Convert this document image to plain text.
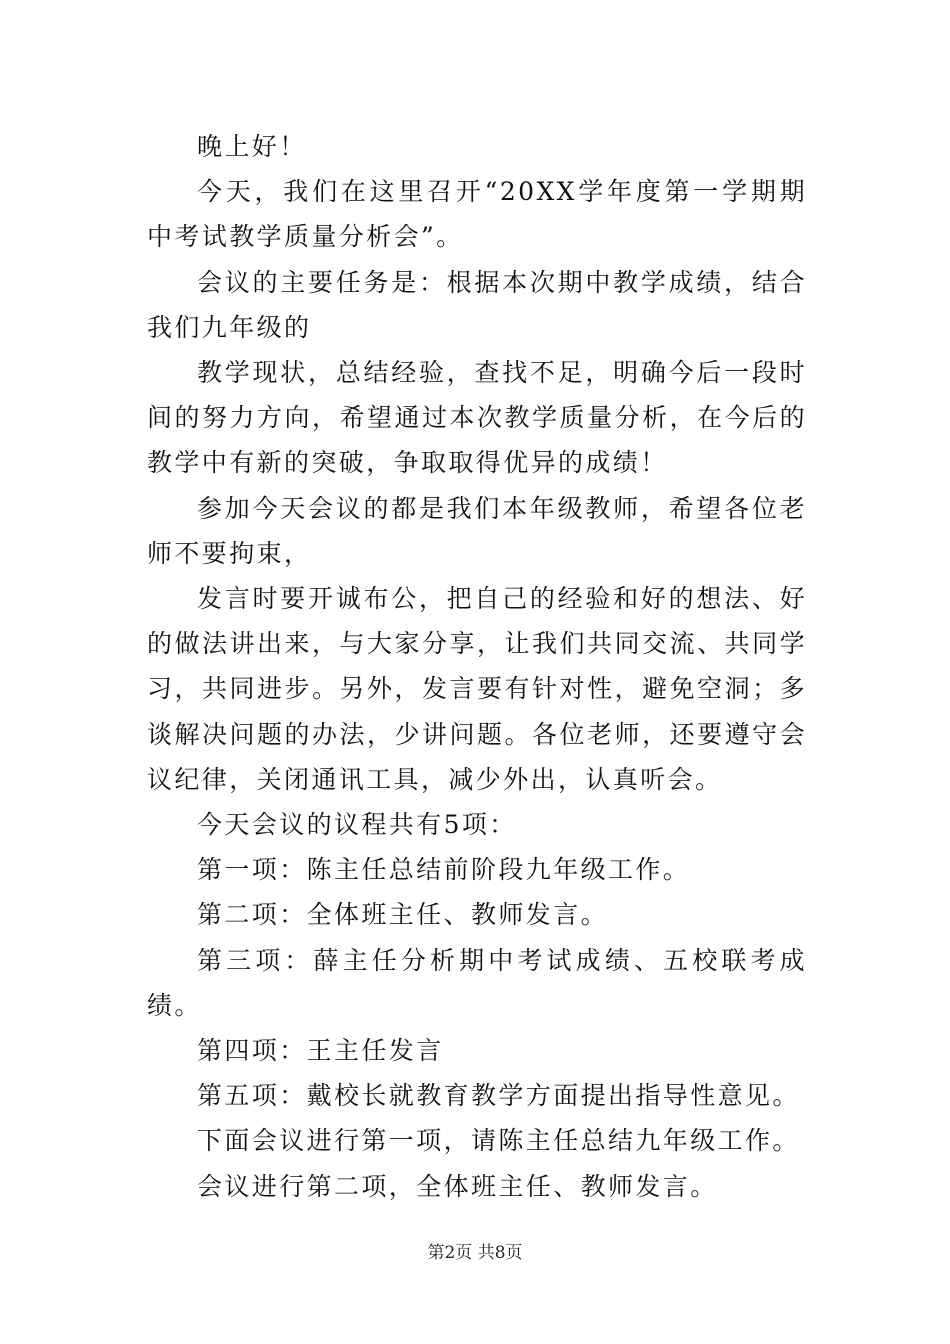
晚上好！

今天，我们在这里召开“20XX学年度第一学期期中考试教学质量分析会”。

会议的主要任务是：根据本次期中教学成绩，结合我们九年级的

教学现状，总结经验，查找不足，明确今后一段时间的努力方向，希望通过本次教学质量分析，在今后的教学中有新的突破，争取取得优异的成绩！

参加今天会议的都是我们本年级教师，希望各位老师不要拘束，

发言时要开诚布公，把自己的经验和好的想法、好的做法讲出来，与大家分享，让我们共同交流、共同学习，共同进步。另外，发言要有针对性，避免空洞；多谈解决问题的办法，少讲问题。各位老师，还要遵守会议纪律，关闭通讯工具，减少外出，认真听会。

今天会议的议程共有5项：

第一项：陈主任总结前阶段九年级工作。

第二项：全体班主任、教师发言。

第三项：薛主任分析期中考试成绩、五校联考成绩。

第四项：王主任发言

第五项：戴校长就教育教学方面提出指导性意见。

下面会议进行第一项，请陈主任总结九年级工作。

会议进行第二项，全体班主任、教师发言。

第2页 共8页
